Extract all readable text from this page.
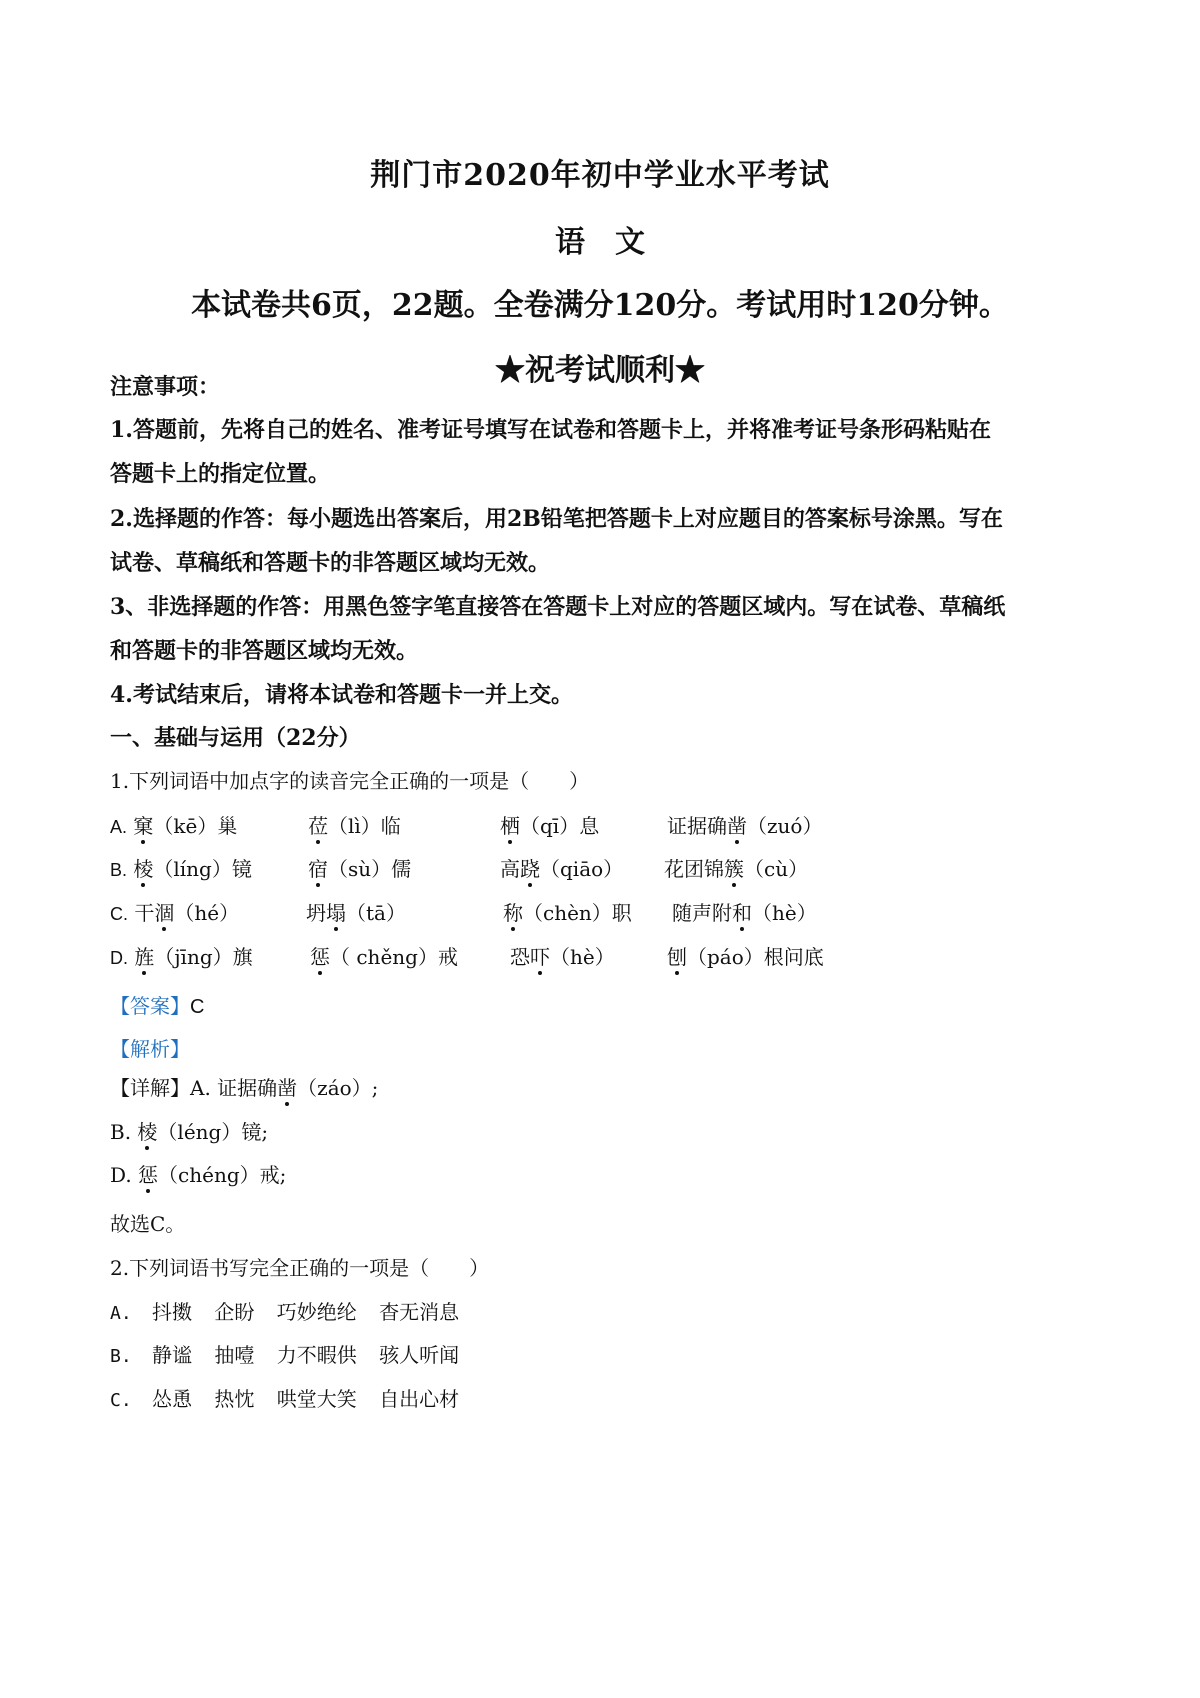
荆门市2020年初中学业水平考试
语文
本试卷共6页，22题。全卷满分120分。考试用时120分钟。
★祝考试顺利★
注意事项：
1.答题前，先将自己的姓名、准考证号填写在试卷和答题卡上，并将准考证号条形码粘贴在
答题卡上的指定位置。
2.选择题的作答：每小题选出答案后，用2B铅笔把答题卡上对应题目的答案标号涂黑。写在
试卷、草稿纸和答题卡的非答题区域均无效。
3、非选择题的作答：用黑色签字笔直接答在答题卡上对应的答题区域内。写在试卷、草稿纸
和答题卡的非答题区域均无效。
4.考试结束后，请将本试卷和答题卡一并上交。
一、基础与运用（22分）
1.下列词语中加点字的读音完全正确的一项是（　　）
A. 窠（kē）巢	莅（lì）临	栖（qī）息	证据确凿（zuó）
B. 棱（líng）镜	宿（sù）儒	高跷（qiāo） 花团锦簇（cù）
C. 干涸（hé）	坍塌（tā）	称（chèn）职 随声附和（hè）
D. 旌（jīng）旗	惩（ chěng）戒	恐吓（hè）	刨（páo）根问底
【答案】C
【解析】
【详解】A. 证据确凿（záo）;
B. 棱（léng）镜;
D. 惩（chéng）戒;
故选C。
2.下列词语书写完全正确的一项是（　　）
A. 抖擞 企盼 巧妙绝纶 杳无消息
B. 静谧 抽噎 力不暇供 骇人听闻
C. 怂恿 热忱 哄堂大笑 自出心材
